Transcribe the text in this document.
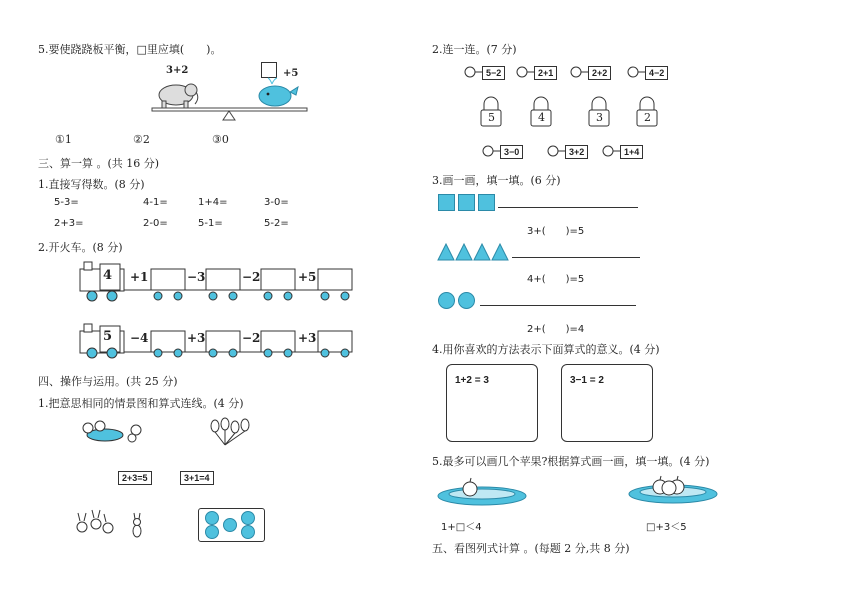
5.要使跷跷板平衡，□里应填(　　)。
3+2	+5
①1	②2	③0
三、算一算 。(共 16 分)
1.直接写得数。(8 分)
5-3=	4-1=	1+4=	3-0=
2+3=	2-0=	5-1=	5-2=
2.开火车。(8 分)
4 +1	−3	−2	+5
5 −4	+3	−2	+3
四、操作与运用。(共 25 分)
1.把意思相同的情景图和算式连线。(4 分)
2+3=5	3+1=4
2.连一连。(7 分)
5−2	2+1	2+2	4−2
5	4	3	2
3−0	3+2	1+4
3.画一画，填一填。(6 分)
3+(　　)=5
4+(　　)=5
2+(　　)=4
4.用你喜欢的方法表示下面算式的意义。(4 分)
1+2 = 3	3−1 = 2
5.最多可以画几个苹果?根据算式画一画，填一填。(4 分)
1+□＜4	□+3＜5
五、看图列式计算 。(每题 2 分,共 8 分)
